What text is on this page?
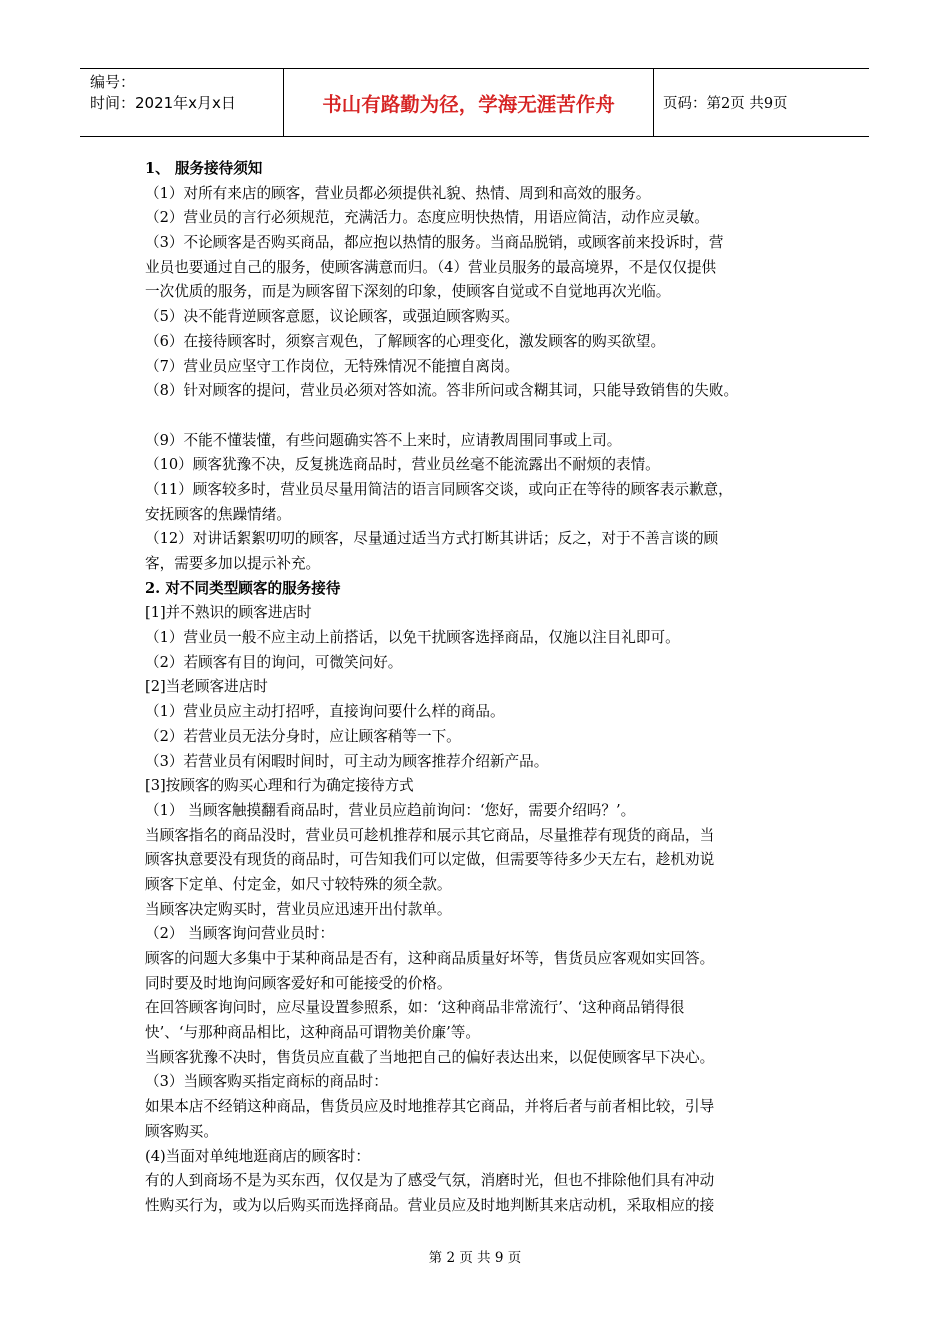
编号：
时间：2021年x月x日	书山有路勤为径，学海无涯苦作舟	页码：第2页 共9页
1、 服务接待须知
（1）对所有来店的顾客，营业员都必须提供礼貌、热情、周到和高效的服务。
（2）营业员的言行必须规范，充满活力。态度应明快热情，用语应简洁，动作应灵敏。
（3）不论顾客是否购买商品，都应抱以热情的服务。当商品脱销，或顾客前来投诉时，营
业员也要通过自己的服务，使顾客满意而归。（4）营业员服务的最高境界，不是仅仅提供
一次优质的服务，而是为顾客留下深刻的印象，使顾客自觉或不自觉地再次光临。
（5）决不能背逆顾客意愿，议论顾客，或强迫顾客购买。
（6）在接待顾客时，须察言观色，了解顾客的心理变化，激发顾客的购买欲望。
（7）营业员应坚守工作岗位，无特殊情况不能擅自离岗。
（8）针对顾客的提问，营业员必须对答如流。答非所问或含糊其词，只能导致销售的失败。
（9）不能不懂装懂，有些问题确实答不上来时，应请教周围同事或上司。
（10）顾客犹豫不决，反复挑选商品时，营业员丝毫不能流露出不耐烦的表情。
（11）顾客较多时，营业员尽量用简洁的语言同顾客交谈，或向正在等待的顾客表示歉意，
安抚顾客的焦躁情绪。
（12）对讲话絮絮叨叨的顾客，尽量通过适当方式打断其讲话；反之，对于不善言谈的顾
客，需要多加以提示补充。
2. 对不同类型顾客的服务接待
[1]并不熟识的顾客进店时
（1）营业员一般不应主动上前搭话，以免干扰顾客选择商品，仅施以注目礼即可。
（2）若顾客有目的询问，可微笑问好。
[2]当老顾客进店时
（1）营业员应主动打招呼，直接询问要什么样的商品。
（2）若营业员无法分身时，应让顾客稍等一下。
（3）若营业员有闲暇时间时，可主动为顾客推荐介绍新产品。
[3]按顾客的购买心理和行为确定接待方式
（1） 当顾客触摸翻看商品时，营业员应趋前询问：‘您好，需要介绍吗？’。
当顾客指名的商品没时，营业员可趁机推荐和展示其它商品，尽量推荐有现货的商品，当
顾客执意要没有现货的商品时，可告知我们可以定做，但需要等待多少天左右，趁机劝说
顾客下定单、付定金，如尺寸较特殊的须全款。
当顾客决定购买时，营业员应迅速开出付款单。
（2） 当顾客询问营业员时：
顾客的问题大多集中于某种商品是否有，这种商品质量好坏等，售货员应客观如实回答。
同时要及时地询问顾客爱好和可能接受的价格。
在回答顾客询问时，应尽量设置参照系，如：‘这种商品非常流行’、‘这种商品销得很
快’、‘与那种商品相比，这种商品可谓物美价廉’等。
当顾客犹豫不决时，售货员应直截了当地把自己的偏好表达出来，以促使顾客早下决心。
（3）当顾客购买指定商标的商品时：
如果本店不经销这种商品，售货员应及时地推荐其它商品，并将后者与前者相比较，引导
顾客购买。
(4)当面对单纯地逛商店的顾客时：
有的人到商场不是为买东西，仅仅是为了感受气氛，消磨时光，但也不排除他们具有冲动
性购买行为，或为以后购买而选择商品。营业员应及时地判断其来店动机，采取相应的接
第 2 页 共 9 页
